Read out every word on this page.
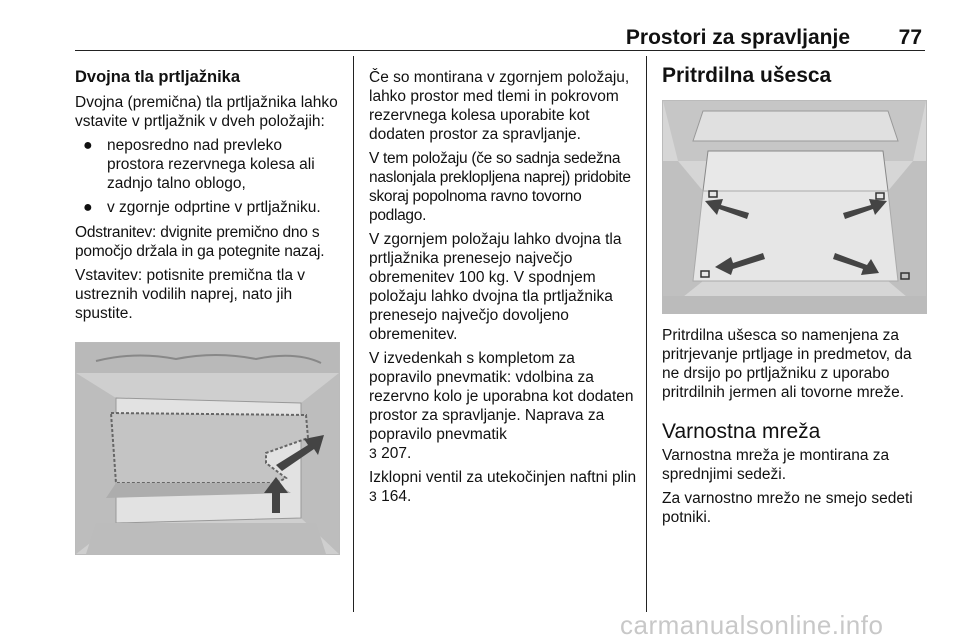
Prostori za spravljanje	77
Dvojna tla prtljažnika

Dvojna (premična) tla prtljažnika lahko vstavite v prtljažnik v dveh položajih:

● neposredno nad prevleko prostora rezervnega kolesa ali zadnjo talno oblogo,
● v zgornje odprtine v prtljažniku.

Odstranitev: dvignite premično dno s pomočjo držala in ga potegnite nazaj.

Vstavitev: potisnite premična tla v ustreznih vodilih naprej, nato jih spustite.

Če so montirana v zgornjem položaju, lahko prostor med tlemi in pokrovom rezervnega kolesa uporabite kot dodaten prostor za spravljanje.

V tem položaju (če so sadnja sedežna naslonjala preklopljena naprej) pridobite skoraj popolnoma ravno tovorno podlago.

V zgornjem položaju lahko dvojna tla prtljažnika prenesejo največjo obremenitev 100 kg. V spodnjem položaju lahko dvojna tla prtljažnika prenesejo največjo dovoljeno obremenitev.

V izvedenkah s kompletom za popravilo pnevmatik: vdolbina za rezervno kolo je uporabna kot dodaten prostor za spravljanje. Naprava za popravilo pnevmatik
3 207.

Izklopni ventil za utekočinjen naftni plin 3 164.

Pritrdilna ušesca

Pritrdilna ušesca so namenjena za pritrjevanje prtljage in predmetov, da ne drsijo po prtljažniku z uporabo pritrdilnih jermen ali tovorne mreže.

Varnostna mreža

Varnostna mreža je montirana za sprednjimi sedeži.

Za varnostno mrežo ne smejo sedeti potniki.

carmanualsonline.info
